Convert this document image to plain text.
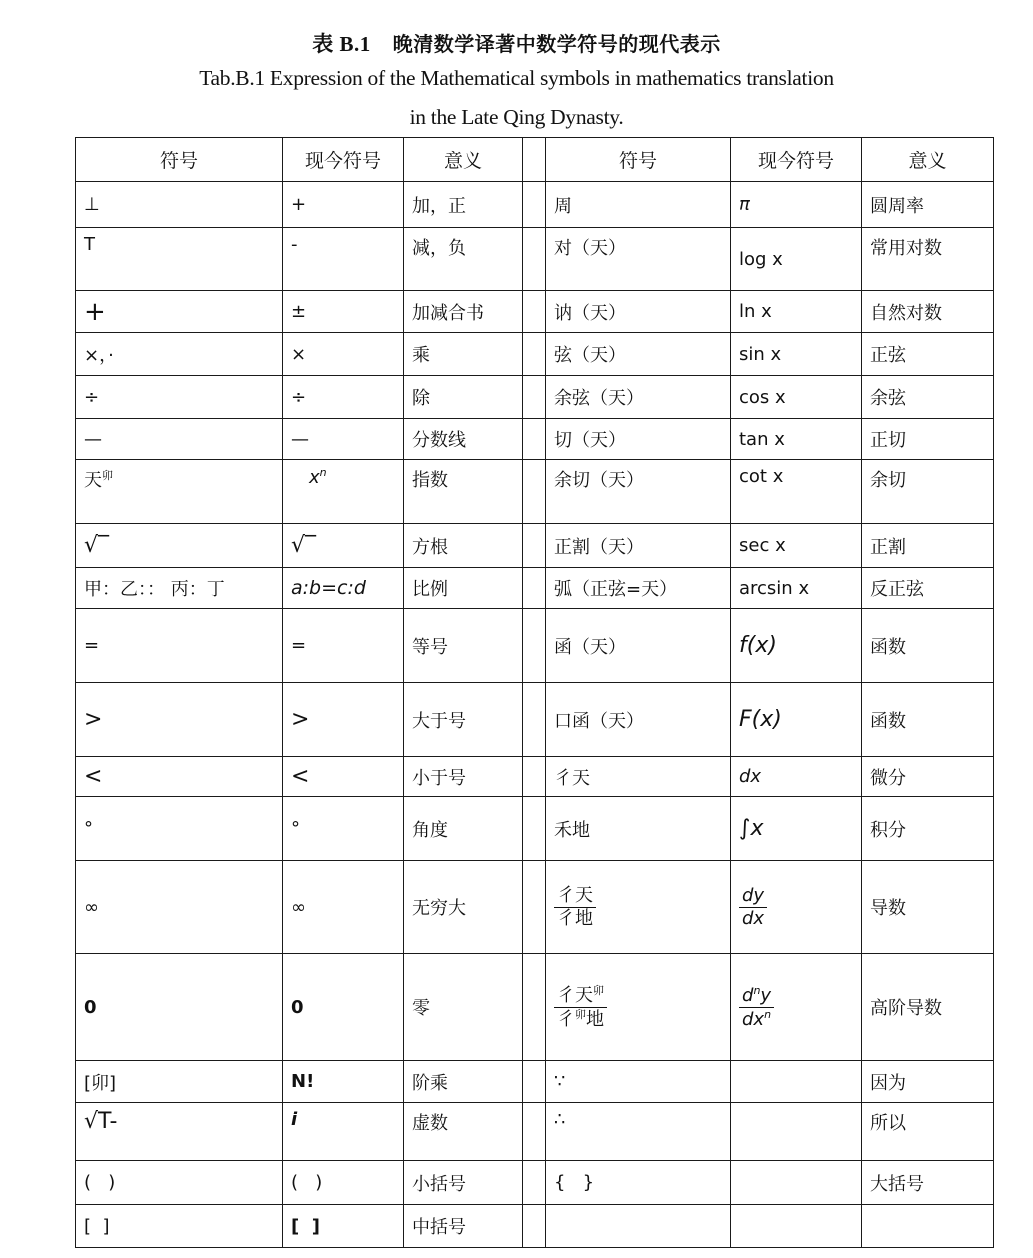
表 B.1 晚清数学译著中数学符号的现代表示
Tab.B.1 Expression of the Mathematical symbols in mathematics translation
in the Late Qing Dynasty.
符号	现今符号	意义		符号	现今符号	意义
⊥	+	加，正		周	π	圆周率
T	-	减，负		对（天）	log x	常用对数
+	±	加减合书		讷（天）	ln x	自然对数
×，·	×	乘		弦（天）	sin x	正弦
÷	÷	除		余弦（天）	cos x	余弦
—	—	分数线		切（天）	tan x	正切
天$^卯$	$x^n$	指数		余切（天）	cot x	余切
√‾	√‾	方根		正割（天）	sec x	正割
甲：乙：： 丙：丁	a:b=c:d	比例		弧（正弦=天）	arcsin x	反正弦
=	=	等号		函（天）	f(x)	函数
>	>	大于号		口函（天）	F(x)	函数
<	<	小于号		彳天	dx	微分
°	°	角度		禾地	∫x	积分
∞	∞	无穷大		$\frac{\text{彳天}}{\text{彳地}}$	$\frac{dy}{dx}$	导数
0	0	零		$\frac{彳天^卯}{彳^卯地}$	$\frac{d^ny}{dx^n}$	高阶导数
[卯]	N!	阶乘		∵		因为
√T-	i	虚数		∴		所以
(   )	(   )	小括号		{   }		大括号
[  ]	[  ]	中括号				
